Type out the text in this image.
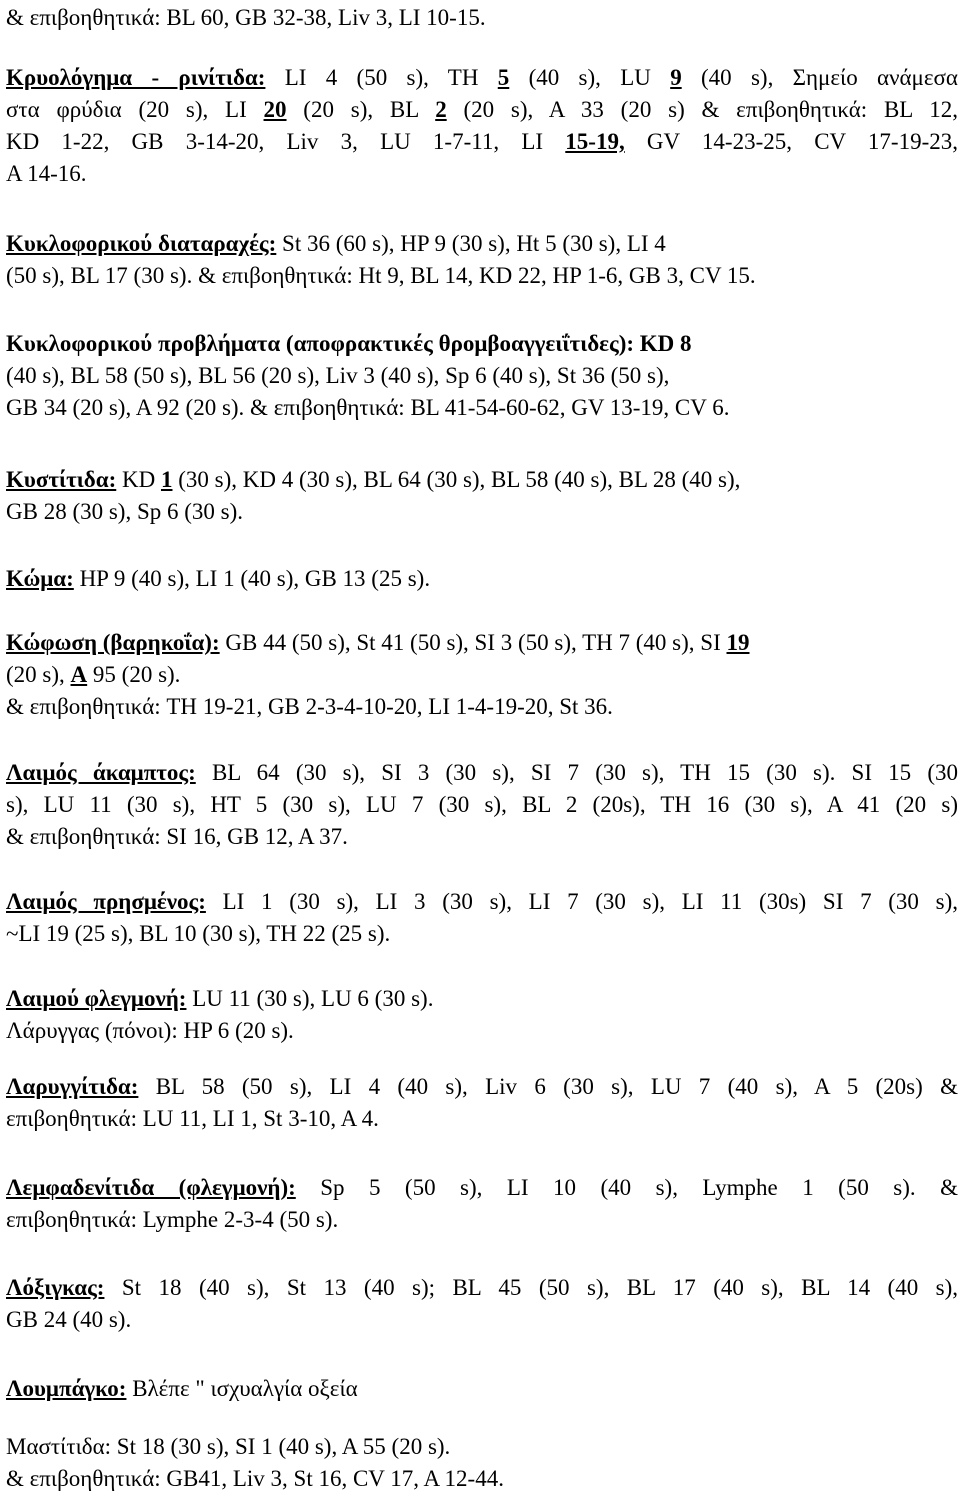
& επιβοηθητικά: BL 60, GB 32-38, Liv 3, LI 10-15.
Κρυολόγημα - ρινίτιδα: LI 4 (50 s), TH 5 (40 s), LU 9 (40 s), Σημείο ανάμεσα
στα φρύδια (20 s), LI 20 (20 s), BL 2 (20 s), A 33 (20 s) & επιβοηθητικά: BL 12,
KD 1-22, GB 3-14-20, Liv 3, LU 1-7-11, LI 15-19, GV 14-23-25, CV 17-19-23,
A 14-16.
Κυκλοφορικού διαταραχές: St 36 (60 s), HP 9 (30 s), Ht 5 (30 s), LI 4
(50 s), BL 17 (30 s). & επιβοηθητικά: Ht 9, BL 14, KD 22, HP 1-6, GB 3, CV 15.
Κυκλοφορικού προβλήματα (αποφρακτικές θρομβοαγγειΐτιδες): KD 8
(40 s), BL 58 (50 s), BL 56 (20 s), Liv 3 (40 s), Sp 6 (40 s), St 36 (50 s),
GB 34 (20 s), A 92 (20 s). & επιβοηθητικά: BL 41-54-60-62, GV 13-19, CV 6.
Κυστίτιδα: KD 1 (30 s), KD 4 (30 s), BL 64 (30 s), BL 58 (40 s), BL 28 (40 s),
GB 28 (30 s), Sp 6 (30 s).
Κώμα: HP 9 (40 s), LI 1 (40 s), GB 13 (25 s).
Κώφωση (βαρηκοΐα): GB 44 (50 s), St 41 (50 s), SI 3 (50 s), TH 7 (40 s), SI 19
(20 s), A 95 (20 s).
& επιβοηθητικά: TH 19-21, GB 2-3-4-10-20, LI 1-4-19-20, St 36.
Λαιμός άκαμπτος: BL 64 (30 s), SI 3 (30 s), SI 7 (30 s), TH 15 (30 s). SI 15 (30
s), LU 11 (30 s), HT 5 (30 s), LU 7 (30 s), BL 2 (20s), TH 16 (30 s), A 41 (20 s)
& επιβοηθητικά: SI 16, GB 12, A 37.
Λαιμός πρησμένος: LI 1 (30 s), LI 3 (30 s), LI 7 (30 s), LI 11 (30s) SI 7 (30 s),
~LI 19 (25 s), BL 10 (30 s), TH 22 (25 s).
Λαιμού φλεγμονή: LU 11 (30 s), LU 6 (30 s).
Λάρυγγας (πόνοι): HP 6 (20 s).
Λαρυγγίτιδα: BL 58 (50 s), LI 4 (40 s), Liv 6 (30 s), LU 7 (40 s), A 5 (20s) &
επιβοηθητικά: LU 11, LI 1, St 3-10, A 4.
Λεμφαδενίτιδα (φλεγμονή): Sp 5 (50 s), LI 10 (40 s), Lymphe 1 (50 s). &
επιβοηθητικά: Lymphe 2-3-4 (50 s).
Λόξιγκας: St 18 (40 s), St 13 (40 s); BL 45 (50 s), BL 17 (40 s), BL 14 (40 s),
GB 24 (40 s).
Λουμπάγκο: Βλέπε " ισχυαλγία οξεία
Μαστίτιδα: St 18 (30 s), SI 1 (40 s), A 55 (20 s).
& επιβοηθητικά: GB41, Liv 3, St 16, CV 17, A 12-44.
